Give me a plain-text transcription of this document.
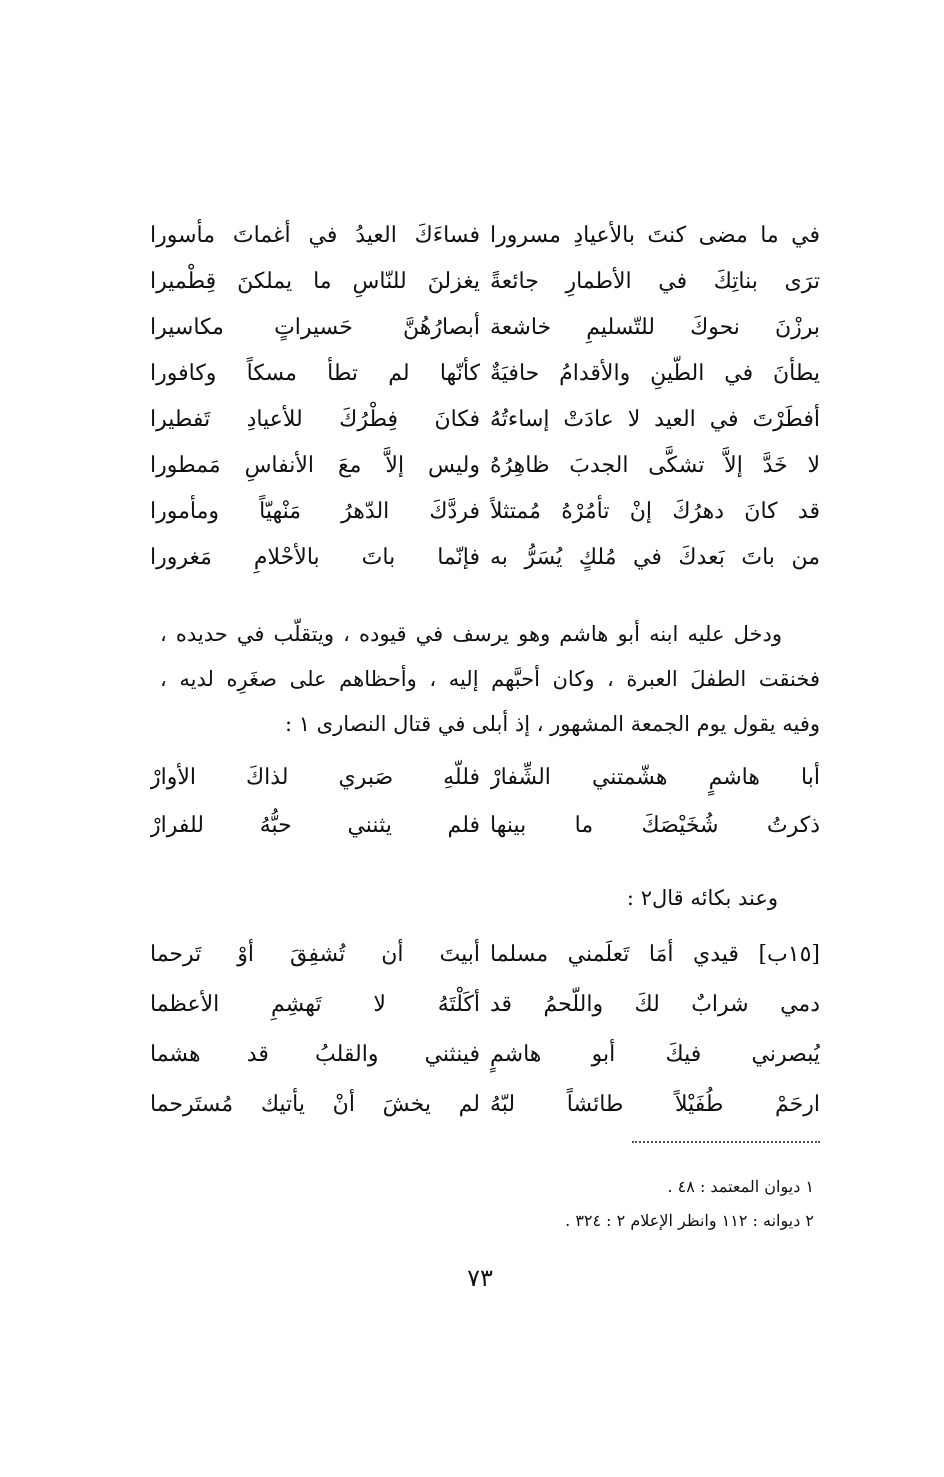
في ما مضى كنتَ بالأعيادِ مسرورا
فساءَكَ العيدُ في أغماتَ مأسورا
ترَى بناتِكَ في الأطمارِ جائعةً
يغزلنَ للنّاسِ ما يملكنَ قِطْميرا
برزْنَ نحوكَ للتّسليمِ خاشعة
أبصارُهُنَّ حَسيراتٍ مكاسيرا
يطأنَ في الطّينِ والأقدامُ حافيَةٌ
كأنّها لم تطأ مسكاً وكافورا
أفطَرْتَ في العيد لا عادَتْ إساءتُهُ
فكانَ فِطْرُكَ للأعيادِ تَفطيرا
لا خَدَّ إلاَّ تشكَّى الجدبَ ظاهِرُهُ
وليس إلاَّ معَ الأنفاسِ مَمطورا
قد كانَ دهرُكَ إنْ تأمُرْهُ مُمتثلاً
فردَّكَ الدّهرُ مَنْهيّاً ومأمورا
من باتَ بَعدكَ في مُلكٍ يُسَرُّ به
فإنّما باتَ بالأحْلامِ مَغرورا
ودخل عليه ابنه أبو هاشم وهو يرسف في قيوده ، ويتقلّب في حديده ،
فخنقت الطفلَ العبرة ، وكان أحبَّهم إليه ، وأحظاهم على صغَرِه لديه ،
وفيه يقول يوم الجمعة المشهور ، إذ أبلى في قتال النصارى ١ :
أبا هاشمٍ هشّمتني الشِّفارْ
فللّهِ صَبري لذاكَ الأوارْ
ذكرتُ شُخَيْصَكَ ما بينها
فلم يثنني حبُّهُ للفرارْ
وعند بكائه قال٢ :
[١٥ب] قيدي أمَا تَعلَمني مسلما
أبيتَ أن تُشفِقَ أوْ تَرحما
دمي شرابٌ لكَ واللّحمُ قد
أكَلْتَهُ لا تَهشِمِ الأعظما
يُبصرني فيكَ أبو هاشمٍ
فينثني والقلبُ قد هشما
ارحَمْ طُفَيْلاً طائشاً لبّهُ
لم يخشَ أنْ يأتيك مُستَرحما
١ ديوان المعتمد : ٤٨ .
٢ ديوانه : ١١٢ وانظر الإعلام ٢ : ٣٢٤ .
٧٣
